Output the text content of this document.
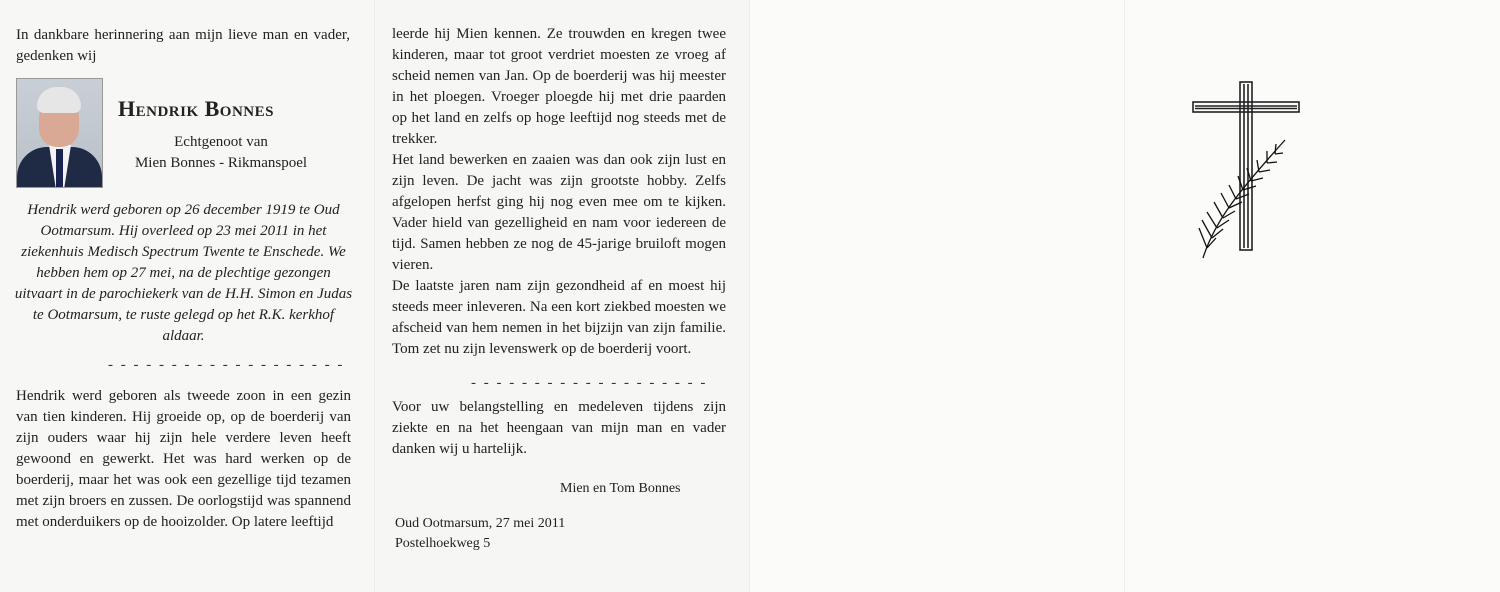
In dankbare herinnering aan mijn lieve man en vader, gedenken wij

Hendrik Bonnes

Echtgenoot van

Mien Bonnes - Rikmanspoel

Hendrik werd geboren op 26 december 1919 te Oud Ootmarsum. Hij overleed op 23 mei 2011 in het ziekenhuis Medisch Spectrum Twente te Enschede. We hebben hem op 27 mei, na de plechtige gezongen uitvaart in de parochiekerk van de H.H. Simon en Judas te Ootmarsum, te ruste gelegd op het R.K. kerkhof aldaar.

- - - - - - - - - - - - - - - - - - -

Hendrik werd geboren als tweede zoon in een gezin van tien kinderen. Hij groeide op, op de boerderij van zijn ouders waar hij zijn hele verdere leven heeft gewoond en gewerkt. Het was hard werken op de boerderij, maar het was ook een gezellige tijd tezamen met zijn broers en zussen. De oorlogstijd was spannend met onderduikers op de hooizolder. Op latere leeftijd

leerde hij Mien kennen. Ze trouwden en kregen twee kinderen, maar tot groot verdriet moesten ze vroeg af scheid nemen van Jan. Op de boerderij was hij meester in het ploegen. Vroeger ploegde hij met drie paarden op het land en zelfs op hoge leeftijd nog steeds met de trekker.

Het land bewerken en zaaien was dan ook zijn lust en zijn leven. De jacht was zijn grootste hobby. Zelfs afgelopen herfst ging hij nog even mee om te kijken. Vader hield van gezelligheid en nam voor iedereen de tijd. Samen hebben ze nog de 45-jarige bruiloft mogen vieren.

De laatste jaren nam zijn gezondheid af en moest hij steeds meer inleveren. Na een kort ziekbed moesten we afscheid van hem nemen in het bijzijn van zijn familie. Tom zet nu zijn levenswerk op de boerderij voort.

- - - - - - - - - - - - - - - - - - -

Voor uw belangstelling en medeleven tijdens zijn ziekte en na het heengaan van mijn man en vader danken wij u hartelijk.

Mien en Tom Bonnes

Oud Ootmarsum, 27 mei 2011
Postelhoekweg 5
